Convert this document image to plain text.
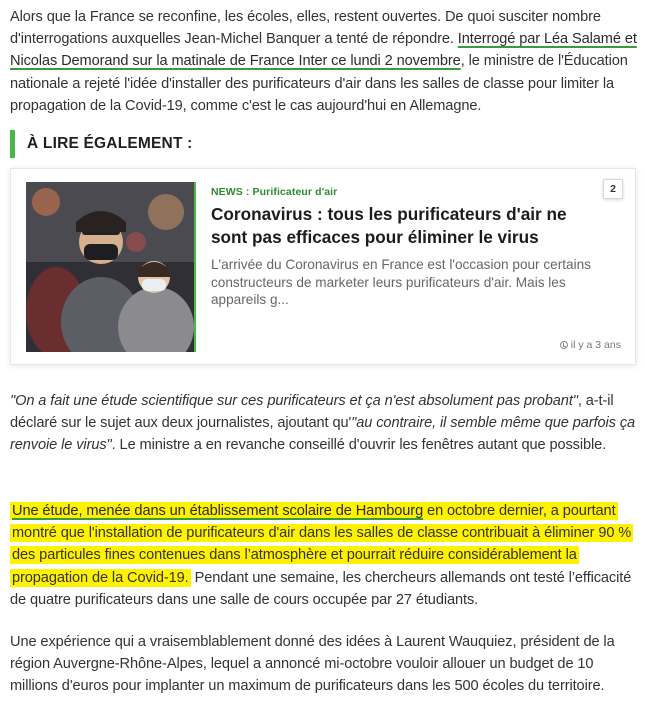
Alors que la France se reconfine, les écoles, elles, restent ouvertes. De quoi susciter nombre d'interrogations auxquelles Jean-Michel Banquer a tenté de répondre. Interrogé par Léa Salamé et Nicolas Demorand sur la matinale de France Inter ce lundi 2 novembre, le ministre de l'Éducation nationale a rejeté l'idée d'installer des purificateurs d'air dans les salles de classe pour limiter la propagation de la Covid-19, comme c'est le cas aujourd'hui en Allemagne.

À LIRE ÉGALEMENT :
NEWS : Purificateur d'air
Coronavirus : tous les purificateurs d'air ne sont pas efficaces pour éliminer le virus

L'arrivée du Coronavirus en France est l'occasion pour certains constructeurs de marketer leurs purificateurs d'air. Mais les appareils g...

2
il y a 3 ans

"On a fait une étude scientifique sur ces purificateurs et ça n'est absolument pas probant", a-t-il déclaré sur le sujet aux deux journalistes, ajoutant qu'"au contraire, il semble même que parfois ça renvoie le virus". Le ministre a en revanche conseillé d'ouvrir les fenêtres autant que possible.

Une étude, menée dans un établissement scolaire de Hambourg en octobre dernier, a pourtant montré que l'installation de purificateurs d'air dans les salles de classe contribuait à éliminer 90 % des particules fines contenues dans l’atmosphère et pourrait réduire considérablement la propagation de la Covid-19. Pendant une semaine, les chercheurs allemands ont testé l’efficacité de quatre purificateurs dans une salle de cours occupée par 27 étudiants.

Une expérience qui a vraisemblablement donné des idées à Laurent Wauquiez, président de la région Auvergne-Rhône-Alpes, lequel a annoncé mi-octobre vouloir allouer un budget de 10 millions d'euros pour implanter un maximum de purificateurs dans les 500 écoles du territoire.
